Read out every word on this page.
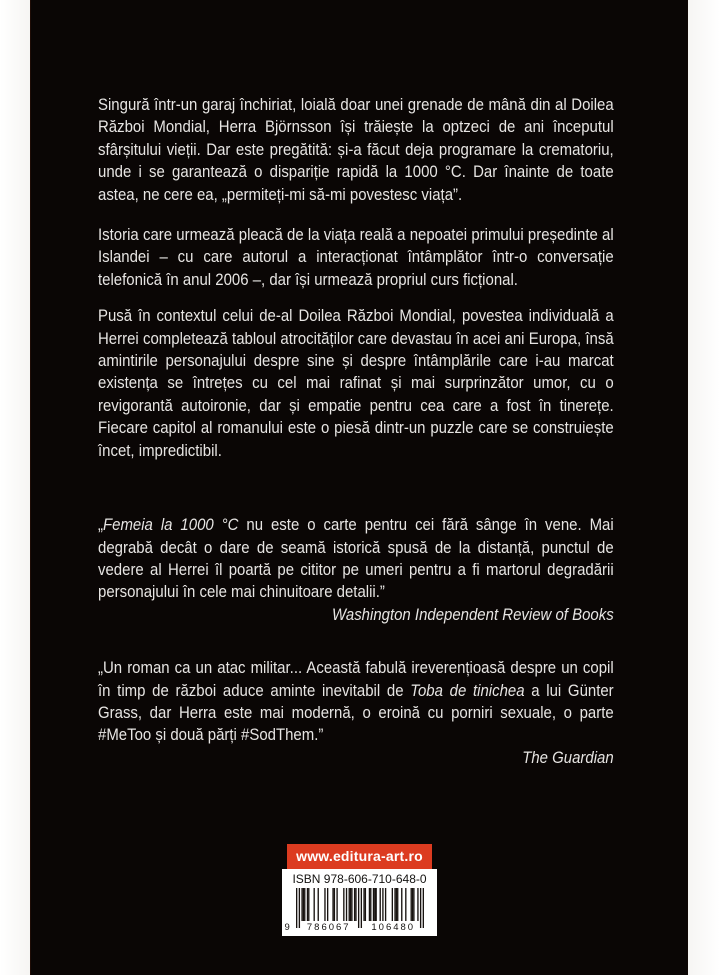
Singură într-un garaj închiriat, loială doar unei grenade de mână din al Doilea Război Mondial, Herra Björnsson își trăiește la optzeci de ani începutul sfârșitului vieții. Dar este pregătită: și-a făcut deja programare la crematoriu, unde i se garantează o dispariție rapidă la 1000 °C. Dar înainte de toate astea, ne cere ea, „permiteți-mi să-mi povestesc viața”.

Istoria care urmează pleacă de la viața reală a nepoatei primului președinte al Islandei – cu care autorul a interacționat întâmplător într-o conversație telefonică în anul 2006 –, dar își urmează propriul curs ficțional.

Pusă în contextul celui de-al Doilea Război Mondial, povestea individuală a Herrei completează tabloul atrocităților care devastau în acei ani Europa, însă amintirile personajului despre sine și despre întâmplările care i-au marcat existența se întrețes cu cel mai rafinat și mai surprinzător umor, cu o revigorantă autoironie, dar și empatie pentru cea care a fost în tinerețe. Fiecare capitol al romanului este o piesă dintr-un puzzle care se construiește încet, impredictibil.

„Femeia la 1000 °C nu este o carte pentru cei fără sânge în vene. Mai degrabă decât o dare de seamă istorică spusă de la distanță, punctul de vedere al Herrei îl poartă pe cititor pe umeri pentru a fi martorul degradării personajului în cele mai chinuitoare detalii.”

Washington Independent Review of Books

„Un roman ca un atac militar... Această fabulă ireverențioasă despre un copil în timp de război aduce aminte inevitabil de Toba de tinichea a lui Günter Grass, dar Herra este mai modernă, o eroină cu porniri sexuale, o parte #MeToo și două părți #SodThem.”

The Guardian
www.editura-art.ro
ISBN 978-606-710-648-0
9	786067	106480
